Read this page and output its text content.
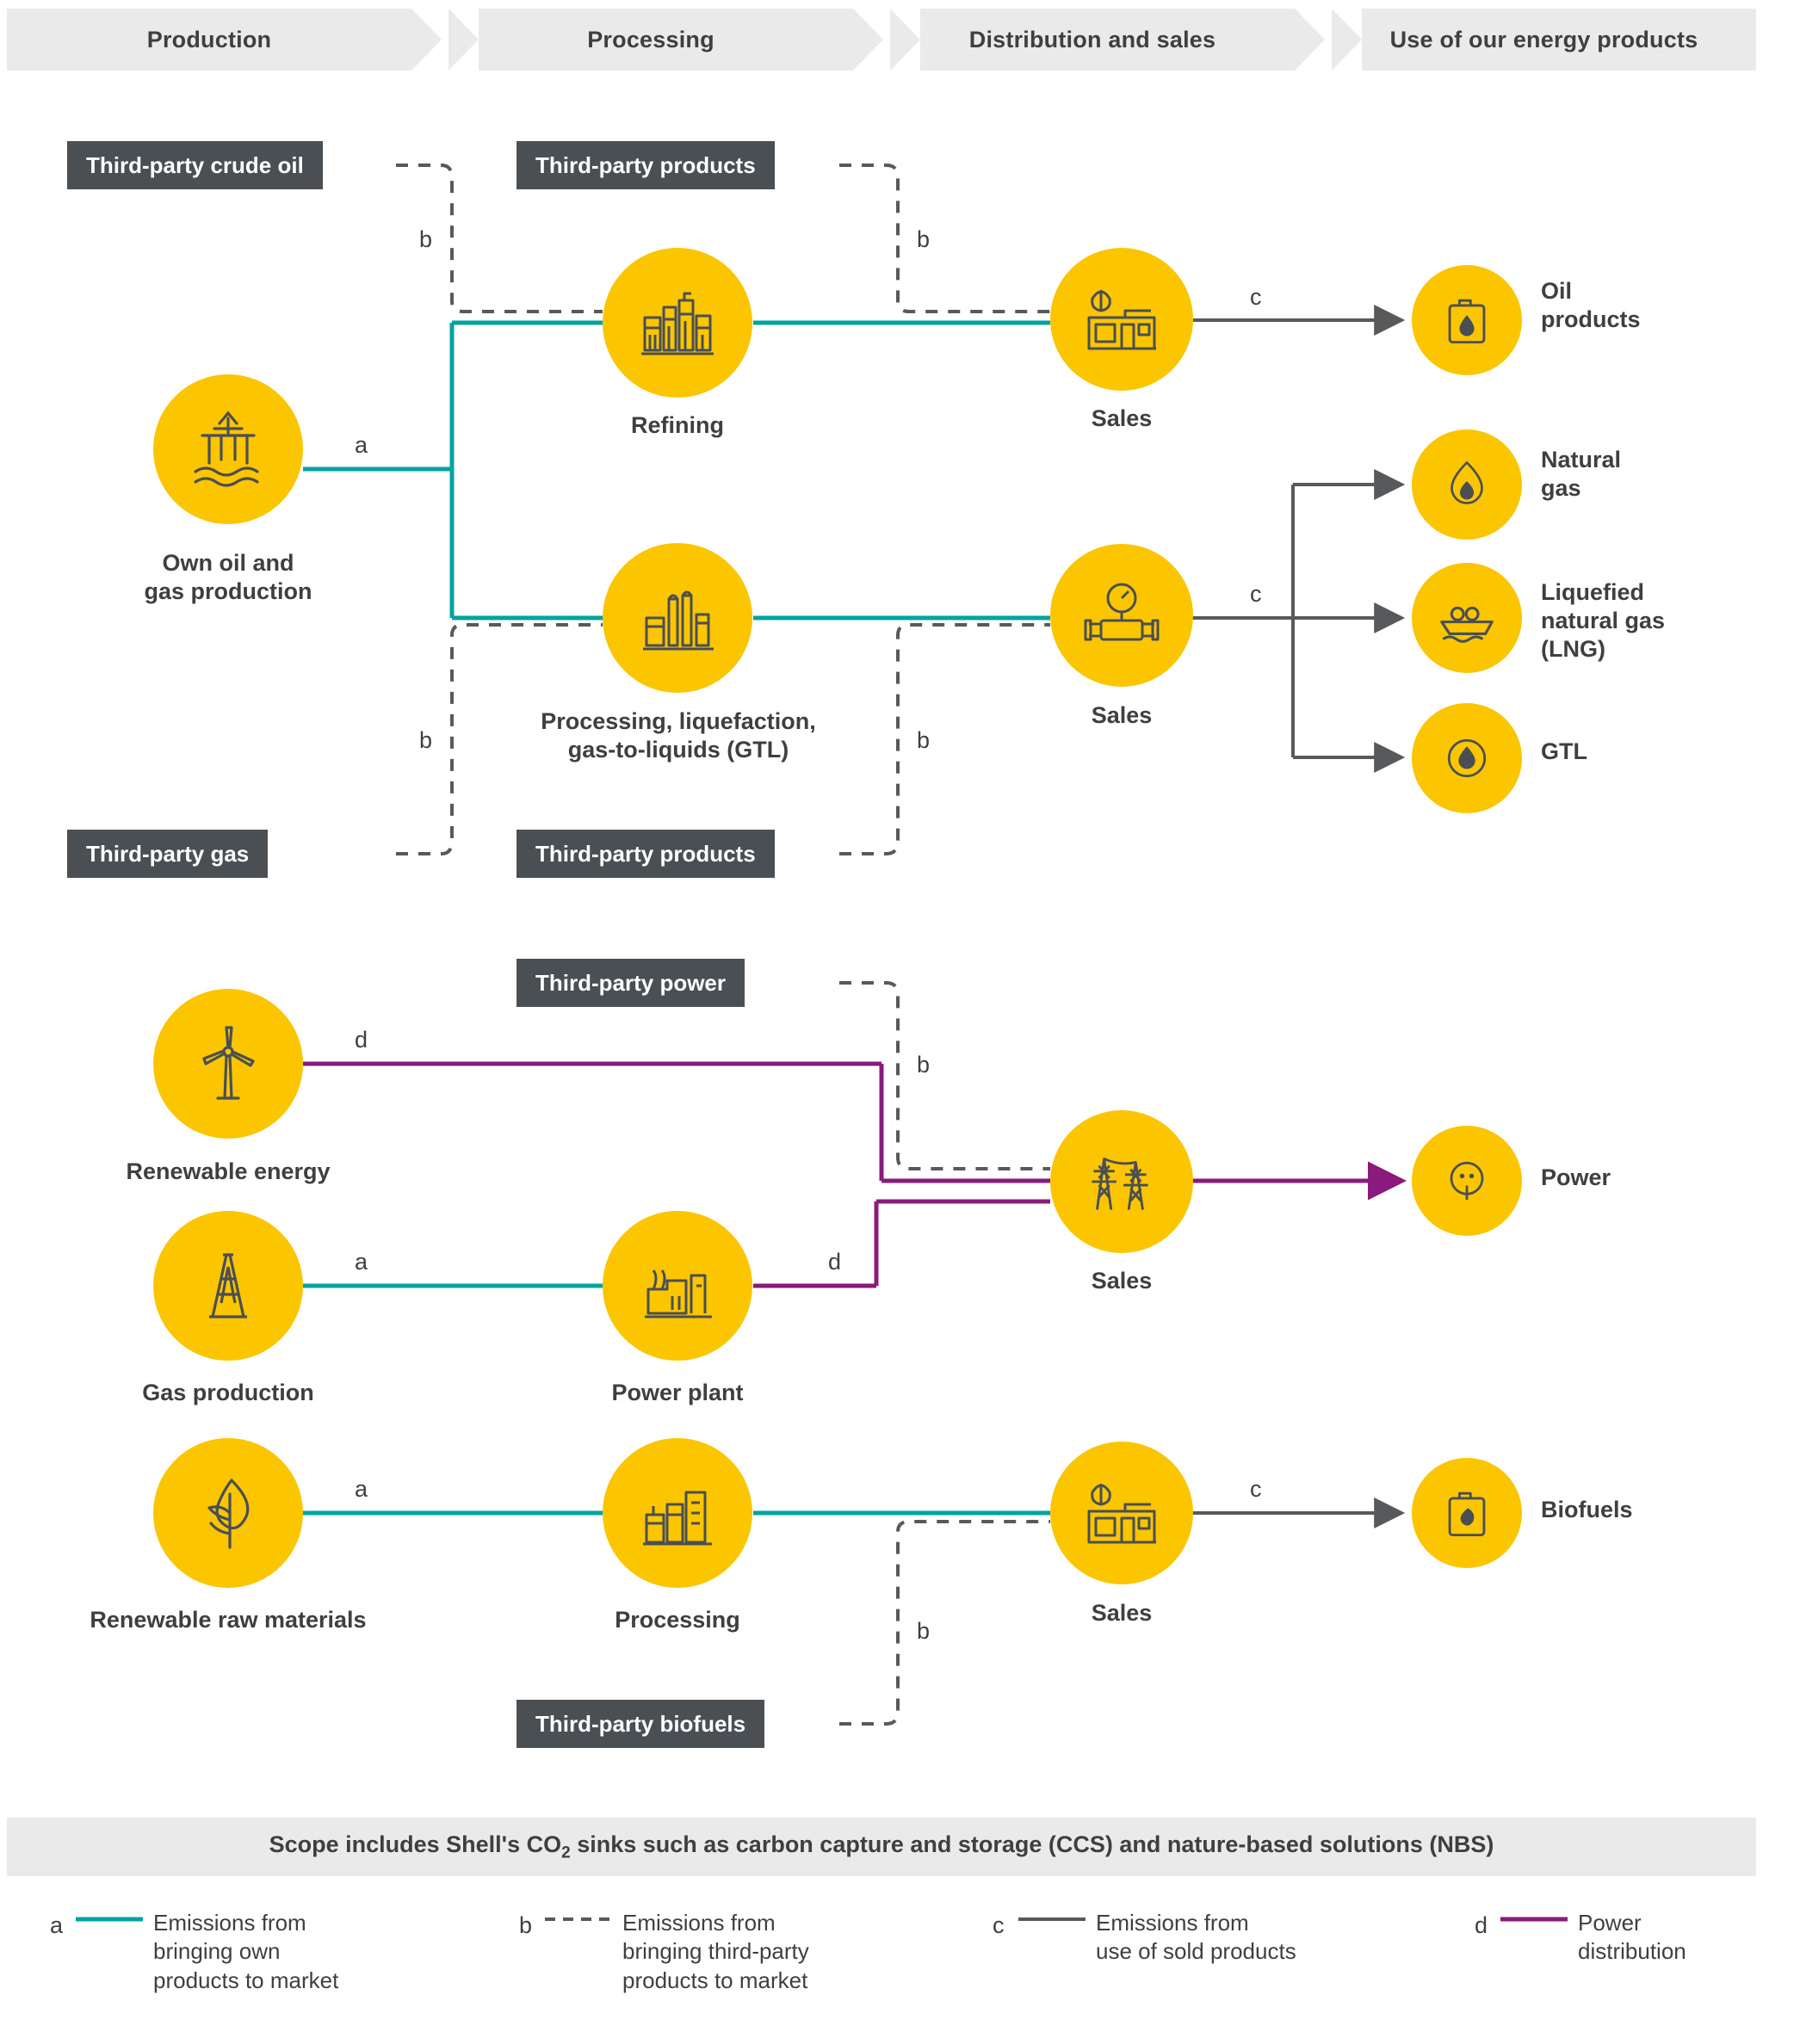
Production	Processing	Distribution and sales	Use of our energy products
Third-party crude oil	Third-party products
Third-party gas	Third-party products
Third-party power
Third-party biofuels
Own oil and
gas production
Refining	Sales
Oil
products
Processing, liquefaction,
gas-to-liquids (GTL)
Sales
Natural
gas
Liquefied
natural gas
(LNG)
GTL
Renewable energy
Gas production	Power plant
Sales
Power
Renewable raw materials	Processing	Sales
Biofuels
a
b	b
c
b	b
c
d
b
a	d
a
b
c
Scope includes Shell's $CO_2$ sinks such as carbon capture and storage (CCS) and nature-based solutions (NBS)
a	Emissions from
bringing own
products to market
b	Emissions from
bringing third-party
products to market
c	Emissions from
use of sold products
d	Power
distribution
